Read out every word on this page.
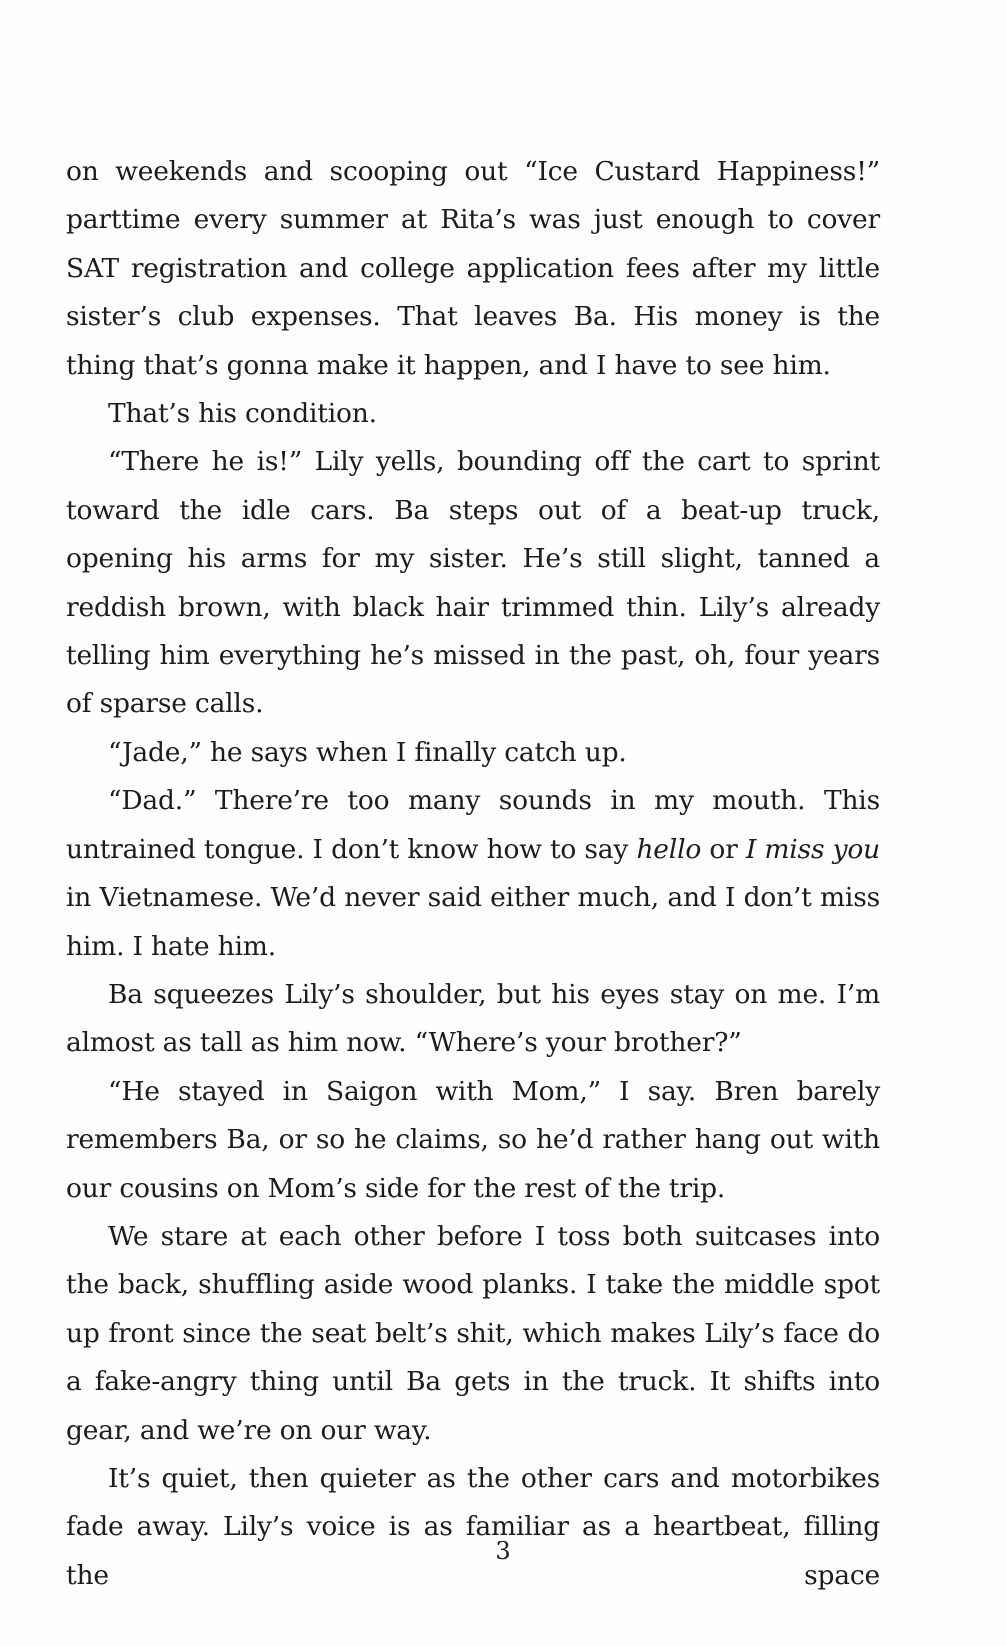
on weekends and scooping out “Ice Custard Happiness!” parttime every summer at Rita’s was just enough to cover SAT registration and college application fees after my little sister’s club expenses. That leaves Ba. His money is the thing that’s gonna make it happen, and I have to see him.

That’s his condition.

“There he is!” Lily yells, bounding off the cart to sprint toward the idle cars. Ba steps out of a beat-up truck, opening his arms for my sister. He’s still slight, tanned a reddish brown, with black hair trimmed thin. Lily’s already telling him everything he’s missed in the past, oh, four years of sparse calls.

“Jade,” he says when I finally catch up.

“Dad.” There’re too many sounds in my mouth. This untrained tongue. I don’t know how to say hello or I miss you in Vietnamese. We’d never said either much, and I don’t miss him. I hate him.

Ba squeezes Lily’s shoulder, but his eyes stay on me. I’m almost as tall as him now. “Where’s your brother?”

“He stayed in Saigon with Mom,” I say. Bren barely remembers Ba, or so he claims, so he’d rather hang out with our cousins on Mom’s side for the rest of the trip.

We stare at each other before I toss both suitcases into the back, shuffling aside wood planks. I take the middle spot up front since the seat belt’s shit, which makes Lily’s face do a fake-angry thing until Ba gets in the truck. It shifts into gear, and we’re on our way.

It’s quiet, then quieter as the other cars and motorbikes fade away. Lily’s voice is as familiar as a heartbeat, filling the space

3
